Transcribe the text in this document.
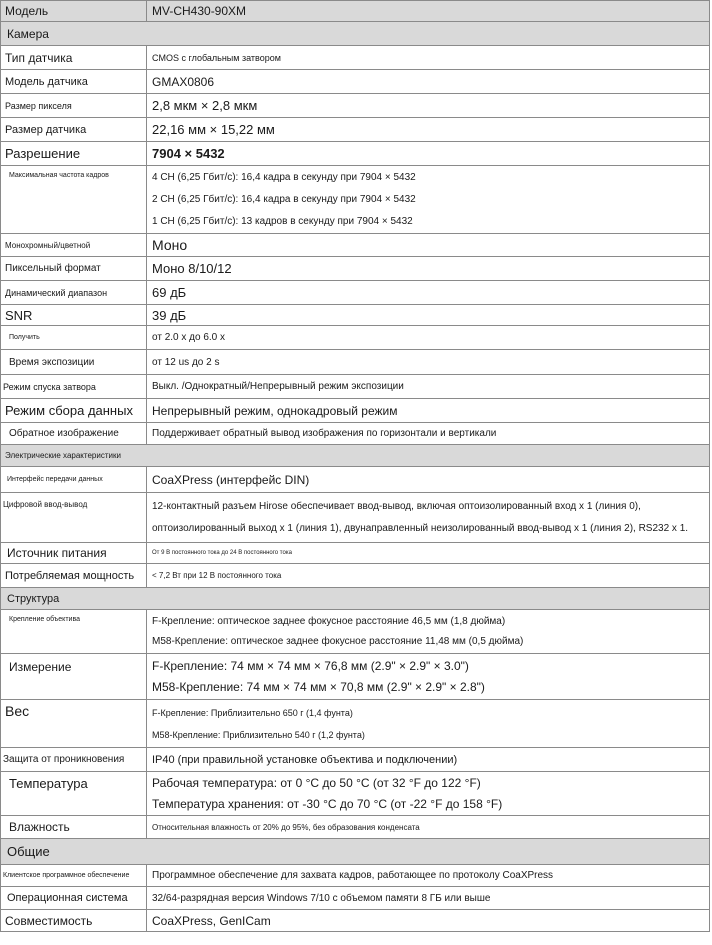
Модель	MV-CH430-90XM
Камера
Тип датчика	CMOS с глобальным затвором
Модель датчика	GMAX0806
Размер пикселя	2,8 мкм × 2,8 мкм
Размер датчика	22,16 мм × 15,22 мм
Разрешение	7904 × 5432
Максимальная частота кадров	4 CH (6,25 Гбит/с): 16,4 кадра в секунду при 7904 × 5432
2 CH (6,25 Гбит/с): 16,4 кадра в секунду при 7904 × 5432
1 CH (6,25 Гбит/с): 13 кадров в секунду при 7904 × 5432
Монохромный/цветной	Моно
Пиксельный формат	Моно 8/10/12
Динамический диапазон	69 дБ
SNR	39 дБ
Получить	от 2.0 x до 6.0 x
Время экспозиции	от 12 us до 2 s
Режим спуска затвора	Выкл. /Однократный/Непрерывный режим экспозиции
Режим сбора данных	Непрерывный режим, однокадровый режим
Обратное изображение	Поддерживает обратный вывод изображения по горизонтали и вертикали
Электрические характеристики
Интерфейс передачи данных	CoaXPress (интерфейс DIN)
Цифровой ввод-вывод	12-контактный разъем Hirose обеспечивает ввод-вывод, включая оптоизолированный вход x 1 (линия 0),
оптоизолированный выход x 1 (линия 1), двунаправленный неизолированный ввод-вывод x 1 (линия 2), RS232 x 1.
Источник питания	От 9 В постоянного тока до 24 В постоянного тока
Потребляемая мощность	< 7,2 Вт при 12 В постоянного тока
Структура
Крепление объектива	F-Крепление: оптическое заднее фокусное расстояние 46,5 мм (1,8 дюйма)
M58-Крепление: оптическое заднее фокусное расстояние 11,48 мм (0,5 дюйма)
Измерение	F-Крепление: 74 мм × 74 мм × 76,8 мм (2.9" × 2.9" × 3.0")
M58-Крепление: 74 мм × 74 мм × 70,8 мм (2.9" × 2.9" × 2.8")
Вес	F-Крепление: Приблизительно 650 г (1,4 фунта)
M58-Крепление: Приблизительно 540 г (1,2 фунта)
Защита от проникновения	IP40 (при правильной установке объектива и подключении)
Температура	Рабочая температура: от 0 °C до 50 °C (от 32 °F до 122 °F)
Температура хранения: от -30 °C до 70 °C (от -22 °F до 158 °F)
Влажность	Относительная влажность от 20% до 95%, без образования конденсата
Общие
Клиентское программное обеспечение	Программное обеспечение для захвата кадров, работающее по протоколу CoaXPress
Операционная система	32/64-разрядная версия Windows 7/10 с объемом памяти 8 ГБ или выше
Совместимость	CoaXPress, GenICam
